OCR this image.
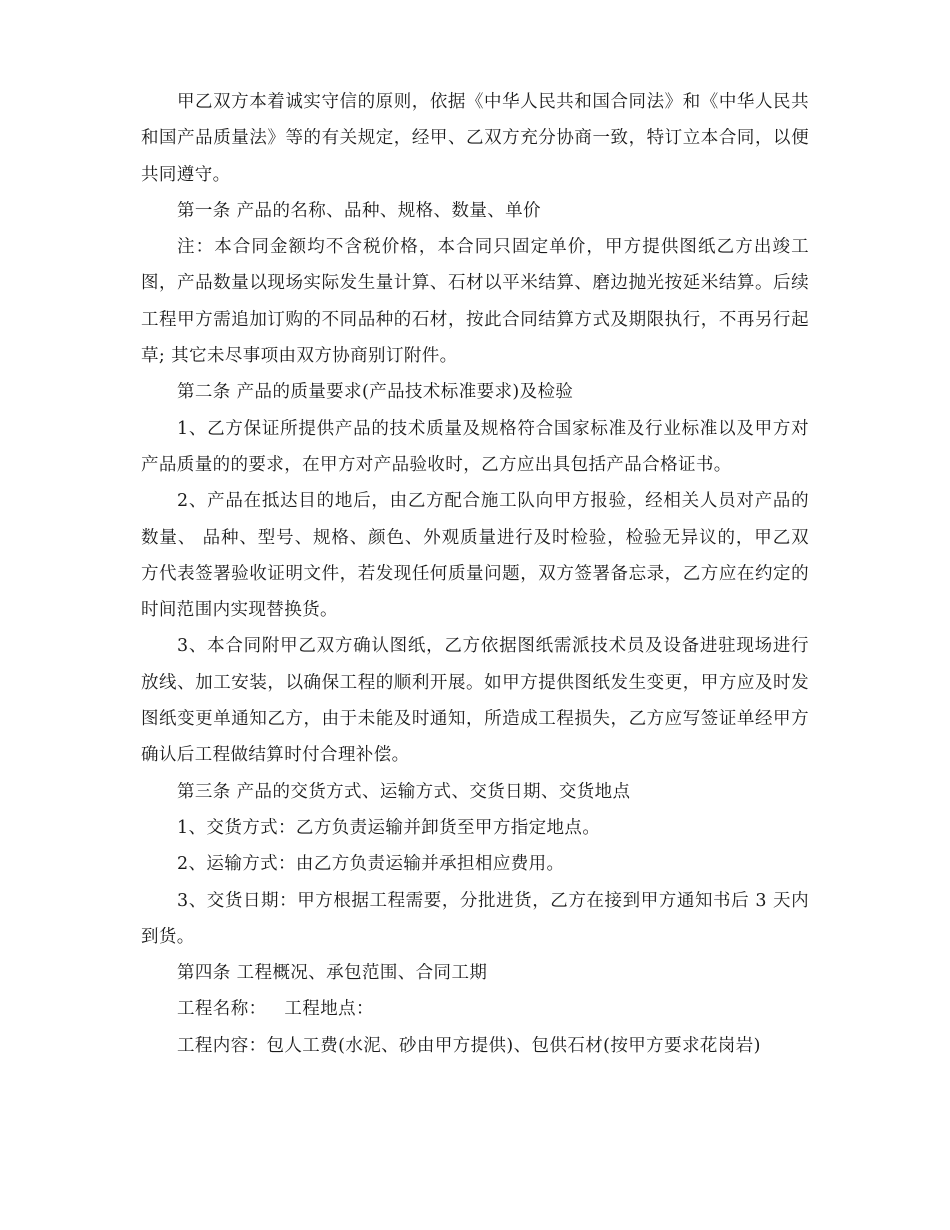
甲乙双方本着诚实守信的原则，依据《中华人民共和国合同法》和《中华人民共和国产品质量法》等的有关规定，经甲、乙双方充分协商一致，特订立本合同，以便共同遵守。

第一条 产品的名称、品种、规格、数量、单价

注：本合同金额均不含税价格，本合同只固定单价，甲方提供图纸乙方出竣工图，产品数量以现场实际发生量计算、石材以平米结算、磨边抛光按延米结算。后续工程甲方需追加订购的不同品种的石材，按此合同结算方式及期限执行，不再另行起草; 其它未尽事项由双方协商别订附件。

第二条 产品的质量要求(产品技术标准要求)及检验

1、乙方保证所提供产品的技术质量及规格符合国家标准及行业标准以及甲方对产品质量的的要求，在甲方对产品验收时，乙方应出具包括产品合格证书。

2、产品在抵达目的地后，由乙方配合施工队向甲方报验，经相关人员对产品的数量、 品种、型号、规格、颜色、外观质量进行及时检验，检验无异议的，甲乙双方代表签署验收证明文件，若发现任何质量问题，双方签署备忘录，乙方应在约定的时间范围内实现替换货。

3、本合同附甲乙双方确认图纸，乙方依据图纸需派技术员及设备进驻现场进行放线、加工安装，以确保工程的顺利开展。如甲方提供图纸发生变更，甲方应及时发图纸变更单通知乙方，由于未能及时通知，所造成工程损失，乙方应写签证单经甲方确认后工程做结算时付合理补偿。

第三条 产品的交货方式、运输方式、交货日期、交货地点

1、交货方式：乙方负责运输并卸货至甲方指定地点。

2、运输方式：由乙方负责运输并承担相应费用。

3、交货日期：甲方根据工程需要，分批进货，乙方在接到甲方通知书后 3 天内到货。

第四条 工程概况、承包范围、合同工期

工程名称：   工程地点：

工程内容：包人工费(水泥、砂由甲方提供)、包供石材(按甲方要求花岗岩)
